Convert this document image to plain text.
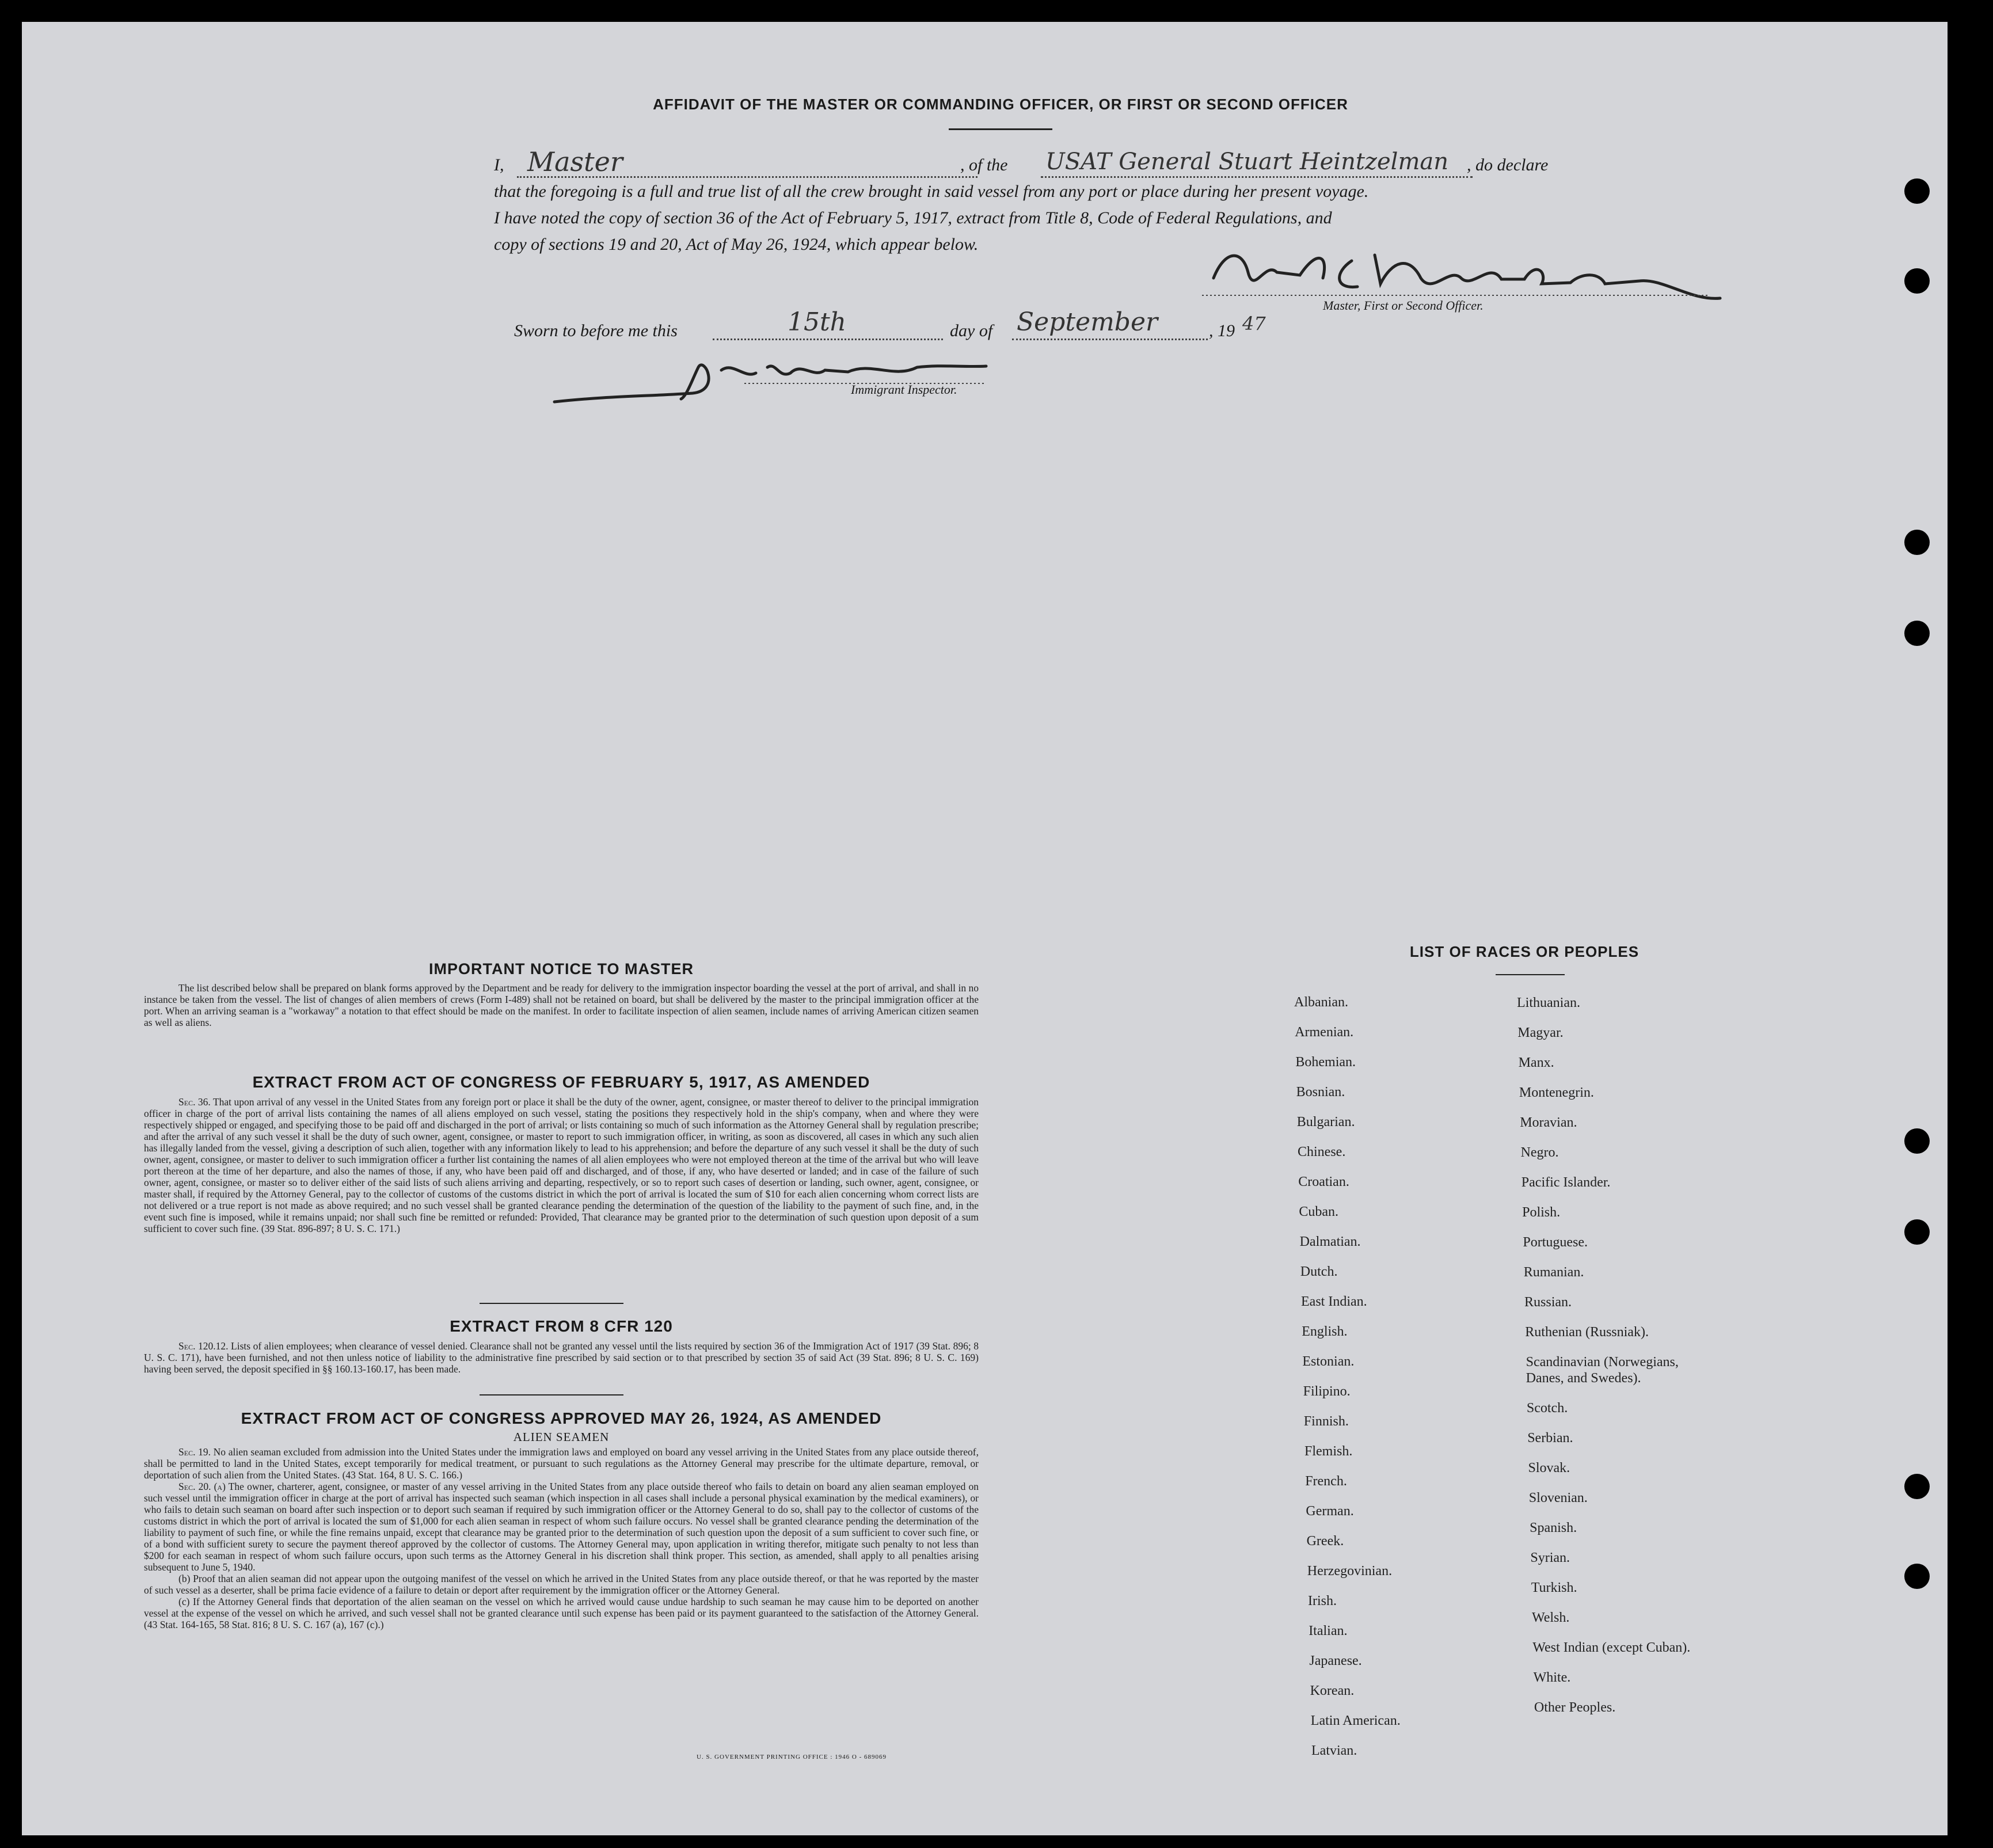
AFFIDAVIT OF THE MASTER OR COMMANDING OFFICER, OR FIRST OR SECOND OFFICER
I, Master	, of the USAT General Stuart Heintzelman , do declare
that the foregoing is a full and true list of all the crew brought in said vessel from any port or place during her present voyage.
I have noted the copy of section 36 of the Act of February 5, 1917, extract from Title 8, Code of Federal Regulations, and
copy of sections 19 and 20, Act of May 26, 1924, which appear below.
Master, First or Second Officer.
Sworn to before me this	15th	day of September	, 19 47
Immigrant Inspector.
IMPORTANT NOTICE TO MASTER
The list described below shall be prepared on blank forms approved by the Department and be ready for delivery to the immigration inspector boarding the vessel at the port of arrival, and shall in no instance be taken from the vessel. The list of changes of alien members of crews (Form I-489) shall not be retained on board, but shall be delivered by the master to the principal immigration officer at the port. When an arriving seaman is a "workaway" a notation to that effect should be made on the manifest. In order to facilitate inspection of alien seamen, include names of arriving American citizen seamen as well as aliens.
EXTRACT FROM ACT OF CONGRESS OF FEBRUARY 5, 1917, AS AMENDED
Sec. 36. That upon arrival of any vessel in the United States from any foreign port or place it shall be the duty of the owner, agent, consignee, or master thereof to deliver to the principal immigration officer in charge of the port of arrival lists containing the names of all aliens employed on such vessel, stating the positions they respectively hold in the ship's company, when and where they were respectively shipped or engaged, and specifying those to be paid off and discharged in the port of arrival; or lists containing so much of such information as the Attorney General shall by regulation prescribe; and after the arrival of any such vessel it shall be the duty of such owner, agent, consignee, or master to report to such immigration officer, in writing, as soon as discovered, all cases in which any such alien has illegally landed from the vessel, giving a description of such alien, together with any information likely to lead to his apprehension; and before the departure of any such vessel it shall be the duty of such owner, agent, consignee, or master to deliver to such immigration officer a further list containing the names of all alien employees who were not employed thereon at the time of the arrival but who will leave port thereon at the time of her departure, and also the names of those, if any, who have been paid off and discharged, and of those, if any, who have deserted or landed; and in case of the failure of such owner, agent, consignee, or master so to deliver either of the said lists of such aliens arriving and departing, respectively, or so to report such cases of desertion or landing, such owner, agent, consignee, or master shall, if required by the Attorney General, pay to the collector of customs of the customs district in which the port of arrival is located the sum of $10 for each alien concerning whom correct lists are not delivered or a true report is not made as above required; and no such vessel shall be granted clearance pending the determination of the question of the liability to the payment of such fine, and, in the event such fine is imposed, while it remains unpaid; nor shall such fine be remitted or refunded: Provided, That clearance may be granted prior to the determination of such question upon deposit of a sum sufficient to cover such fine. (39 Stat. 896-897; 8 U. S. C. 171.)
EXTRACT FROM 8 CFR 120
Sec. 120.12. Lists of alien employees; when clearance of vessel denied. Clearance shall not be granted any vessel until the lists required by section 36 of the Immigration Act of 1917 (39 Stat. 896; 8 U. S. C. 171), have been furnished, and not then unless notice of liability to the administrative fine prescribed by said section or to that prescribed by section 35 of said Act (39 Stat. 896; 8 U. S. C. 169) having been served, the deposit specified in §§ 160.13-160.17, has been made.
EXTRACT FROM ACT OF CONGRESS APPROVED MAY 26, 1924, AS AMENDED
ALIEN SEAMEN
Sec. 19. No alien seaman excluded from admission into the United States under the immigration laws and employed on board any vessel arriving in the United States from any place outside thereof, shall be permitted to land in the United States, except temporarily for medical treatment, or pursuant to such regulations as the Attorney General may prescribe for the ultimate departure, removal, or deportation of such alien from the United States. (43 Stat. 164, 8 U. S. C. 166.)
Sec. 20. (a) The owner, charterer, agent, consignee, or master of any vessel arriving in the United States from any place outside thereof who fails to detain on board any alien seaman employed on such vessel until the immigration officer in charge at the port of arrival has inspected such seaman (which inspection in all cases shall include a personal physical examination by the medical examiners), or who fails to detain such seaman on board after such inspection or to deport such seaman if required by such immigration officer or the Attorney General to do so, shall pay to the collector of customs of the customs district in which the port of arrival is located the sum of $1,000 for each alien seaman in respect of whom such failure occurs. No vessel shall be granted clearance pending the determination of the liability to payment of such fine, or while the fine remains unpaid, except that clearance may be granted prior to the determination of such question upon the deposit of a sum sufficient to cover such fine, or of a bond with sufficient surety to secure the payment thereof approved by the collector of customs. The Attorney General may, upon application in writing therefor, mitigate such penalty to not less than $200 for each seaman in respect of whom such failure occurs, upon such terms as the Attorney General in his discretion shall think proper. This section, as amended, shall apply to all penalties arising subsequent to June 5, 1940.
(b) Proof that an alien seaman did not appear upon the outgoing manifest of the vessel on which he arrived in the United States from any place outside thereof, or that he was reported by the master of such vessel as a deserter, shall be prima facie evidence of a failure to detain or deport after requirement by the immigration officer or the Attorney General.
(c) If the Attorney General finds that deportation of the alien seaman on the vessel on which he arrived would cause undue hardship to such seaman he may cause him to be deported on another vessel at the expense of the vessel on which he arrived, and such vessel shall not be granted clearance until such expense has been paid or its payment guaranteed to the satisfaction of the Attorney General. (43 Stat. 164-165, 58 Stat. 816; 8 U. S. C. 167 (a), 167 (c).)
U. S. GOVERNMENT PRINTING OFFICE : 1946 O - 689069
LIST OF RACES OR PEOPLES
Albanian.
Armenian.
Bohemian.
Bosnian.
Bulgarian.
Chinese.
Croatian.
Cuban.
Dalmatian.
Dutch.
East Indian.
English.
Estonian.
Filipino.
Finnish.
Flemish.
French.
German.
Greek.
Herzegovinian.
Irish.
Italian.
Japanese.
Korean.
Latin American.
Latvian.
Lithuanian.
Magyar.
Manx.
Montenegrin.
Moravian.
Negro.
Pacific Islander.
Polish.
Portuguese.
Rumanian.
Russian.
Ruthenian (Russniak).
Scandinavian (Norwegians,
Danes, and Swedes).
Scotch.
Serbian.
Slovak.
Slovenian.
Spanish.
Syrian.
Turkish.
Welsh.
West Indian (except Cuban).
White.
Other Peoples.
